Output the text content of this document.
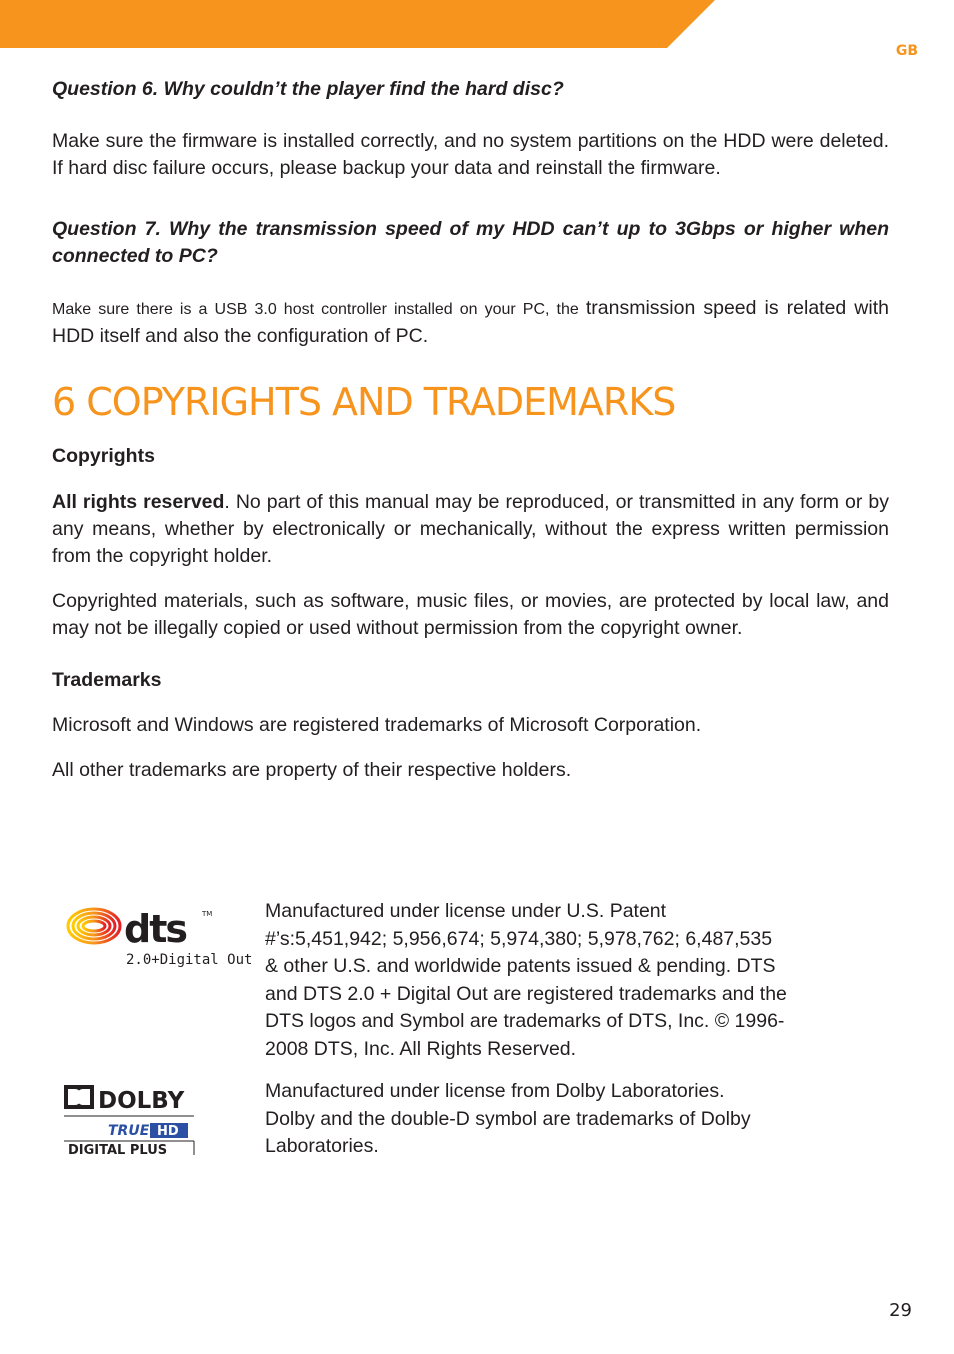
GB

Question 6. Why couldn’t the player find the hard disc?

Make sure the firmware is installed correctly, and no system partitions on the HDD were deleted. If hard disc failure occurs, please backup your data and reinstall the firmware.

Question 7. Why the transmission speed of my HDD can’t up to 3Gbps or higher when connected to PC?

Make sure there is a USB 3.0 host controller installed on your PC, the transmission speed is related with HDD itself and also the configuration of PC.

6 COPYRIGHTS AND TRADEMARKS
Copyrights

All rights reserved. No part of this manual may be reproduced, or transmitted in any form or by any means, whether by electronically or mechanically, without the express written permission from the copyright holder.

Copyrighted materials, such as software, music files, or movies, are protected by local law, and may not be illegally copied or used without permission from the copyright owner.

Trademarks

Microsoft and Windows are registered trademarks of Microsoft Corporation.

All other trademarks are property of their respective holders.

dts TM
2.0+Digital Out
Manufactured under license under U.S. Patent
#’s:5,451,942; 5,956,674; 5,974,380; 5,978,762; 6,487,535
& other U.S. and worldwide patents issued & pending. DTS
and DTS 2.0 + Digital Out are registered trademarks and the
DTS logos and Symbol are trademarks of DTS, Inc. © 1996-
2008 DTS, Inc. All Rights Reserved.
DOLBY
TRUE HD
DIGITAL PLUS
Manufactured under license from Dolby Laboratories.
Dolby and the double-D symbol are trademarks of Dolby
Laboratories.
29
